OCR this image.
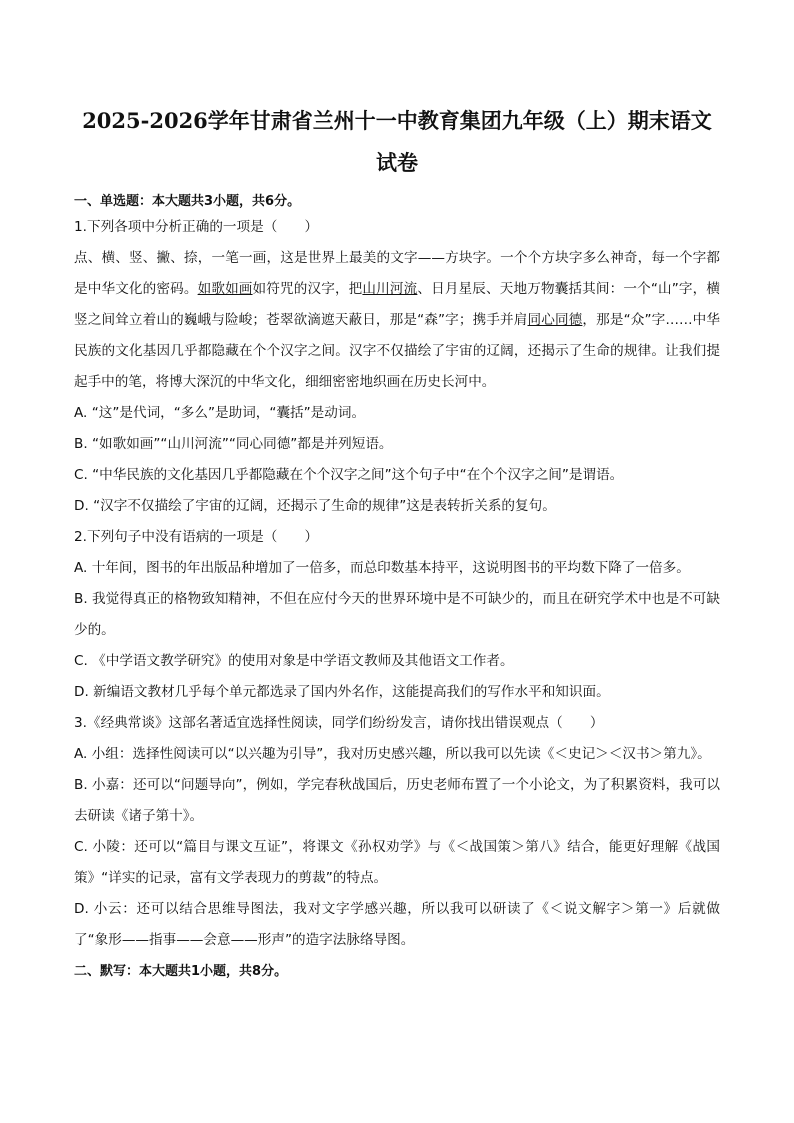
2025-2026学年甘肃省兰州十一中教育集团九年级（上）期末语文试卷
一、单选题：本大题共3小题，共6分。
1.下列各项中分析正确的一项是（　　）
点、横、竖、撇、捺，一笔一画，这是世界上最美的文字——方块字。一个个方块字多么神奇，每一个字都是中华文化的密码。如歌如画如符咒的汉字，把山川河流、日月星辰、天地万物囊括其间：一个“山”字，横竖之间耸立着山的巍峨与险峻；苍翠欲滴遮天蔽日，那是“森”字；携手并肩同心同德，那是“众”字……中华民族的文化基因几乎都隐藏在个个汉字之间。汉字不仅描绘了宇宙的辽阔，还揭示了生命的规律。让我们提起手中的笔，将博大深沉的中华文化，细细密密地织画在历史长河中。
A. “这”是代词，“多么”是助词，“囊括”是动词。
B. “如歌如画”“山川河流”“同心同德”都是并列短语。
C. “中华民族的文化基因几乎都隐藏在个个汉字之间”这个句子中“在个个汉字之间”是谓语。
D. “汉字不仅描绘了宇宙的辽阔，还揭示了生命的规律”这是表转折关系的复句。
2.下列句子中没有语病的一项是（　　）
A. 十年间，图书的年出版品种增加了一倍多，而总印数基本持平，这说明图书的平均数下降了一倍多。
B. 我觉得真正的格物致知精神，不但在应付今天的世界环境中是不可缺少的，而且在研究学术中也是不可缺少的。
C. 《中学语文教学研究》的使用对象是中学语文教师及其他语文工作者。
D. 新编语文教材几乎每个单元都选录了国内外名作，这能提高我们的写作水平和知识面。
3.《经典常谈》这部名著适宜选择性阅读，同学们纷纷发言，请你找出错误观点（　　）
A. 小组：选择性阅读可以“以兴趣为引导”，我对历史感兴趣，所以我可以先读《＜史记＞＜汉书＞第九》。
B. 小嘉：还可以“问题导向”，例如，学完春秋战国后，历史老师布置了一个小论文，为了积累资料，我可以去研读《诸子第十》。
C. 小陵：还可以“篇目与课文互证”，将课文《孙权劝学》与《＜战国策＞第八》结合，能更好理解《战国策》“详实的记录，富有文学表现力的剪裁”的特点。
D. 小云：还可以结合思维导图法，我对文字学感兴趣，所以我可以研读了《＜说文解字＞第一》后就做了“象形——指事——会意——形声”的造字法脉络导图。
二、默写：本大题共1小题，共8分。
